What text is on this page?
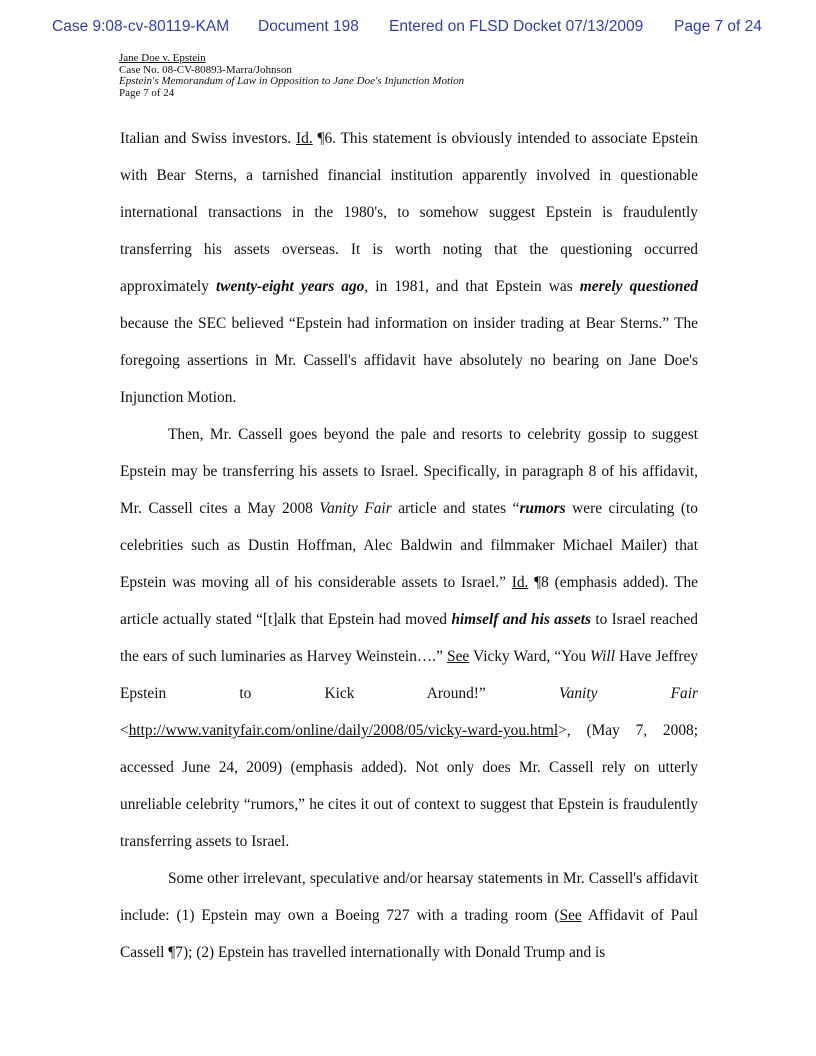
Case 9:08-cv-80119-KAM Document 198 Entered on FLSD Docket 07/13/2009 Page 7 of 24
Jane Doe v. Epstein
Case No. 08-CV-80893-Marra/Johnson
Epstein's Memorandum of Law in Opposition to Jane Doe's Injunction Motion
Page 7 of 24

Italian and Swiss investors. Id. ¶6. This statement is obviously intended to associate Epstein with Bear Sterns, a tarnished financial institution apparently involved in questionable international transactions in the 1980's, to somehow suggest Epstein is fraudulently transferring his assets overseas. It is worth noting that the questioning occurred approximately twenty-eight years ago, in 1981, and that Epstein was merely questioned because the SEC believed “Epstein had information on insider trading at Bear Sterns.” The foregoing assertions in Mr. Cassell's affidavit have absolutely no bearing on Jane Doe's Injunction Motion.

Then, Mr. Cassell goes beyond the pale and resorts to celebrity gossip to suggest Epstein may be transferring his assets to Israel. Specifically, in paragraph 8 of his affidavit, Mr. Cassell cites a May 2008 Vanity Fair article and states “rumors were circulating (to celebrities such as Dustin Hoffman, Alec Baldwin and filmmaker Michael Mailer) that Epstein was moving all of his considerable assets to Israel.” Id. ¶8 (emphasis added). The article actually stated “[t]alk that Epstein had moved himself and his assets to Israel reached the ears of such luminaries as Harvey Weinstein….” See Vicky Ward, “You Will Have Jeffrey Epstein to Kick Around!” Vanity Fair <http://www.vanityfair.com/online/daily/2008/05/vicky-ward-you.html>, (May 7, 2008; accessed June 24, 2009) (emphasis added). Not only does Mr. Cassell rely on utterly unreliable celebrity “rumors,” he cites it out of context to suggest that Epstein is fraudulently transferring assets to Israel.

Some other irrelevant, speculative and/or hearsay statements in Mr. Cassell's affidavit include: (1) Epstein may own a Boeing 727 with a trading room (See Affidavit of Paul Cassell ¶7); (2) Epstein has travelled internationally with Donald Trump and is
